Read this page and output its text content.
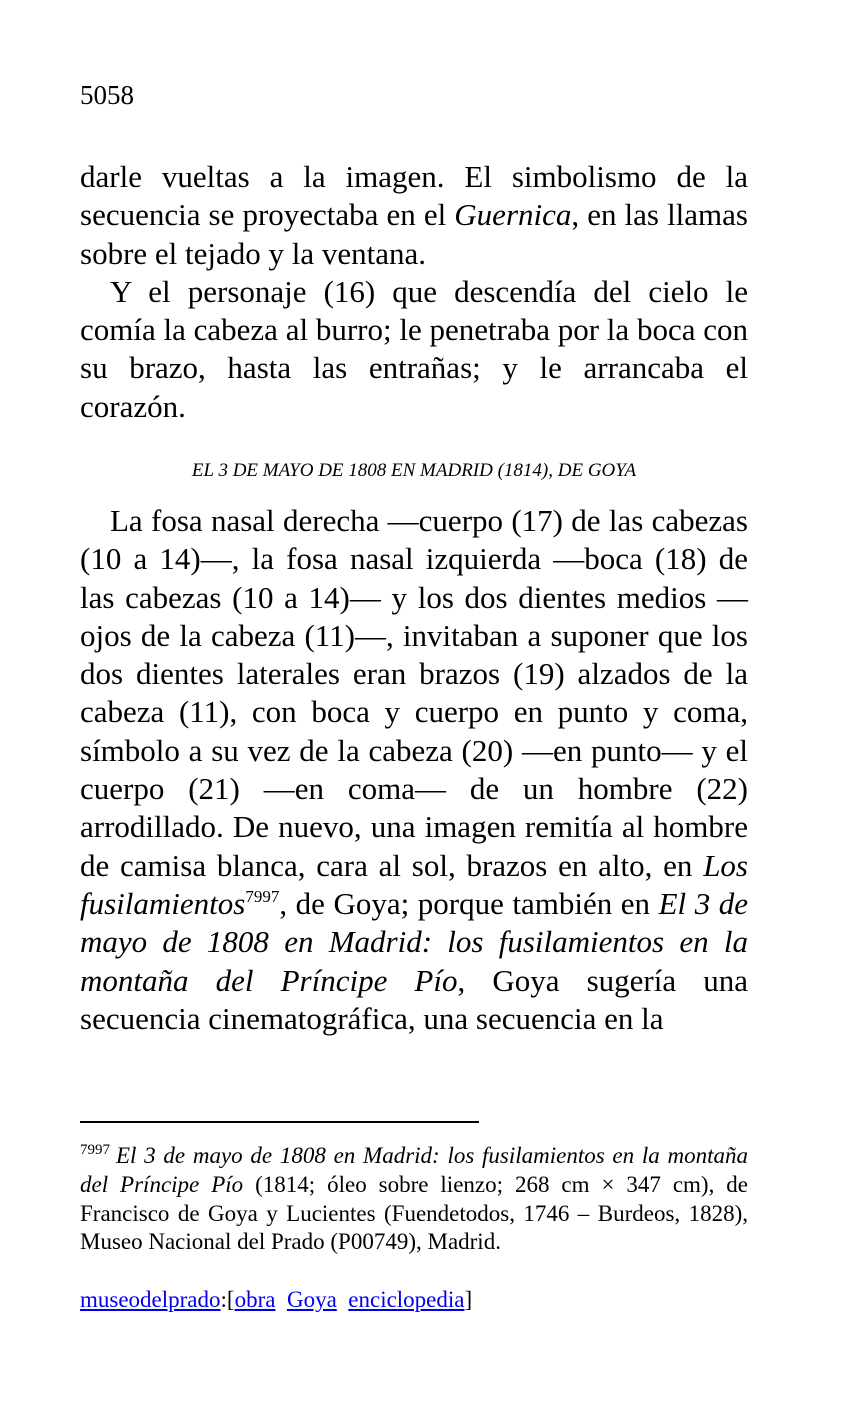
5058

darle vueltas a la imagen. El simbolismo de la secuencia se proyectaba en el Guernica, en las llamas sobre el tejado y la ventana.

Y el personaje (16) que descendía del cielo le comía la cabeza al burro; le penetraba por la boca con su brazo, hasta las entrañas; y le arrancaba el corazón.

EL 3 DE MAYO DE 1808 EN MADRID (1814), DE GOYA

La fosa nasal derecha —cuerpo (17) de las cabezas (10 a 14)—, la fosa nasal izquierda —boca (18) de las cabezas (10 a 14)— y los dos dientes medios —ojos de la cabeza (11)—, invitaban a suponer que los dos dientes laterales eran brazos (19) alzados de la cabeza (11), con boca y cuerpo en punto y coma, símbolo a su vez de la cabeza (20) —en punto— y el cuerpo (21) —en coma— de un hombre (22) arrodillado. De nuevo, una imagen remitía al hombre de camisa blanca, cara al sol, brazos en alto, en Los fusilamientos$^{7997}$, de Goya; porque también en El 3 de mayo de 1808 en Madrid: los fusilamientos en la montaña del Príncipe Pío, Goya sugería una secuencia cinematográfica, una secuencia en la

$^{7997}$ El 3 de mayo de 1808 en Madrid: los fusilamientos en la montaña del Príncipe Pío (1814; óleo sobre lienzo; 268 cm × 347 cm), de Francisco de Goya y Lucientes (Fuendetodos, 1746 – Burdeos, 1828), Museo Nacional del Prado (P00749), Madrid.
museodelprado:[obra Goya enciclopedia]
